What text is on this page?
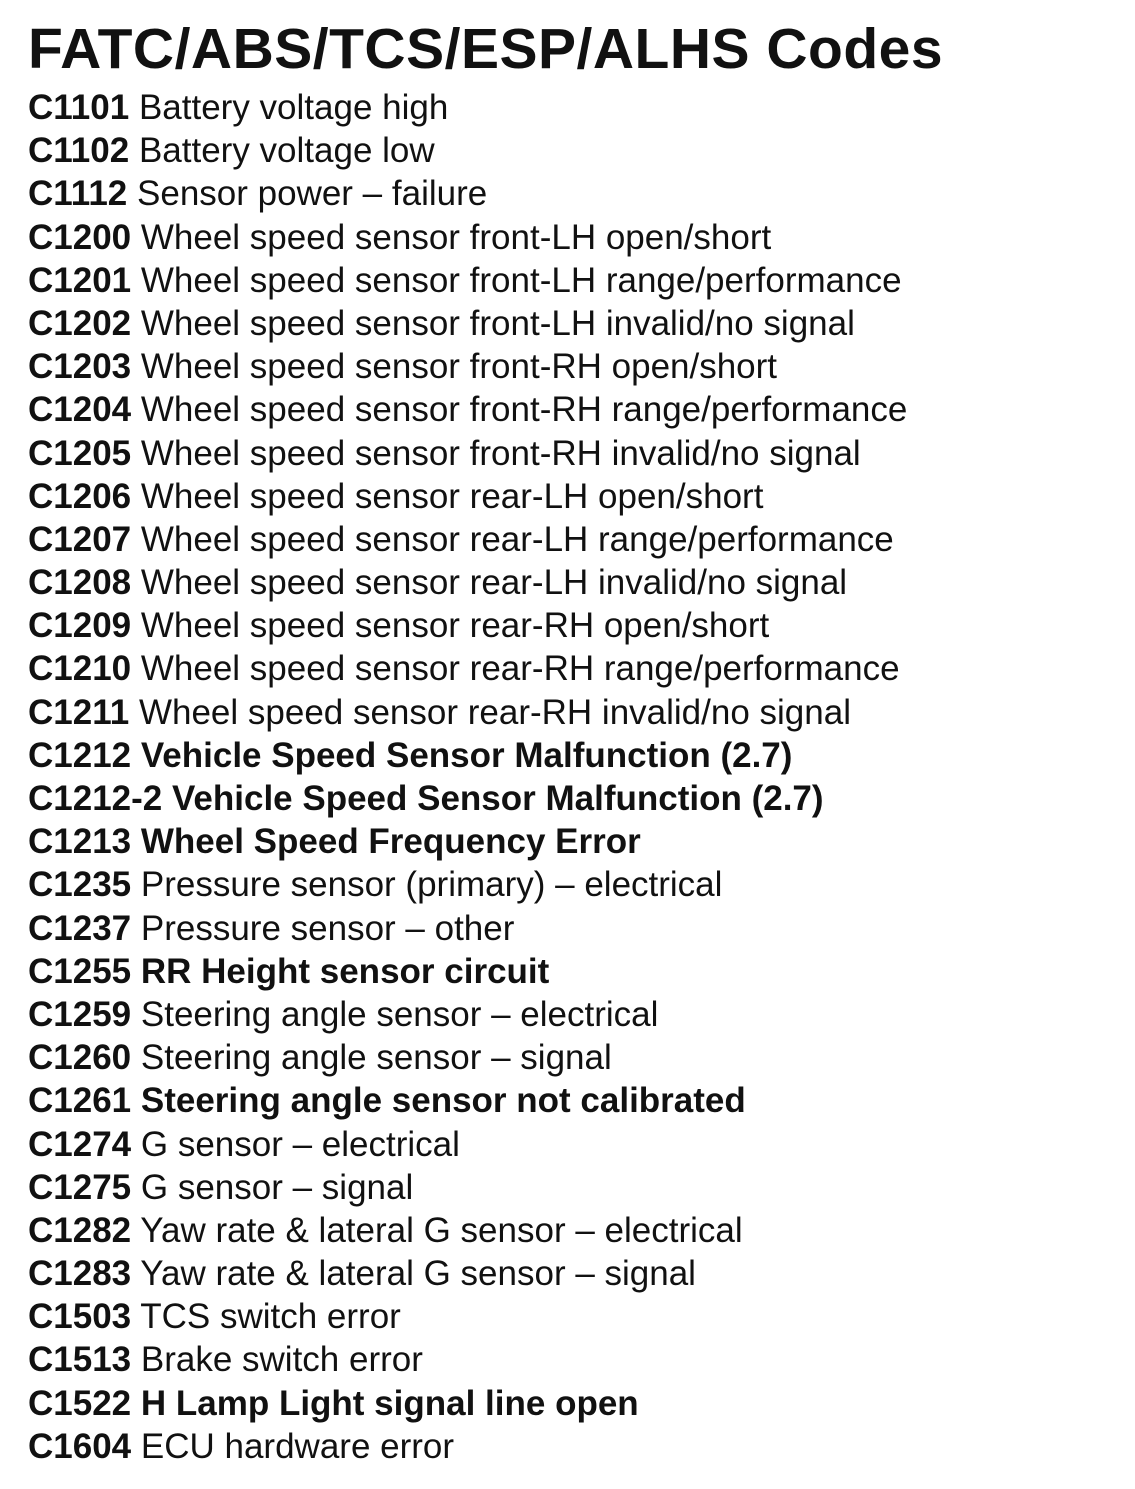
FATC/ABS/TCS/ESP/ALHS Codes
C1101 Battery voltage high
C1102 Battery voltage low
C1112 Sensor power – failure
C1200 Wheel speed sensor front-LH open/short
C1201 Wheel speed sensor front-LH range/performance
C1202 Wheel speed sensor front-LH invalid/no signal
C1203 Wheel speed sensor front-RH open/short
C1204 Wheel speed sensor front-RH range/performance
C1205 Wheel speed sensor front-RH invalid/no signal
C1206 Wheel speed sensor rear-LH open/short
C1207 Wheel speed sensor rear-LH range/performance
C1208 Wheel speed sensor rear-LH invalid/no signal
C1209 Wheel speed sensor rear-RH open/short
C1210 Wheel speed sensor rear-RH range/performance
C1211 Wheel speed sensor rear-RH invalid/no signal
C1212 Vehicle Speed Sensor Malfunction (2.7)
C1212-2 Vehicle Speed Sensor Malfunction (2.7)
C1213 Wheel Speed Frequency Error
C1235 Pressure sensor (primary) – electrical
C1237 Pressure sensor – other
C1255 RR Height sensor circuit
C1259 Steering angle sensor – electrical
C1260 Steering angle sensor – signal
C1261 Steering angle sensor not calibrated
C1274 G sensor – electrical
C1275 G sensor – signal
C1282 Yaw rate & lateral G sensor – electrical
C1283 Yaw rate & lateral G sensor – signal
C1503 TCS switch error
C1513 Brake switch error
C1522 H Lamp Light signal line open
C1604 ECU hardware error
